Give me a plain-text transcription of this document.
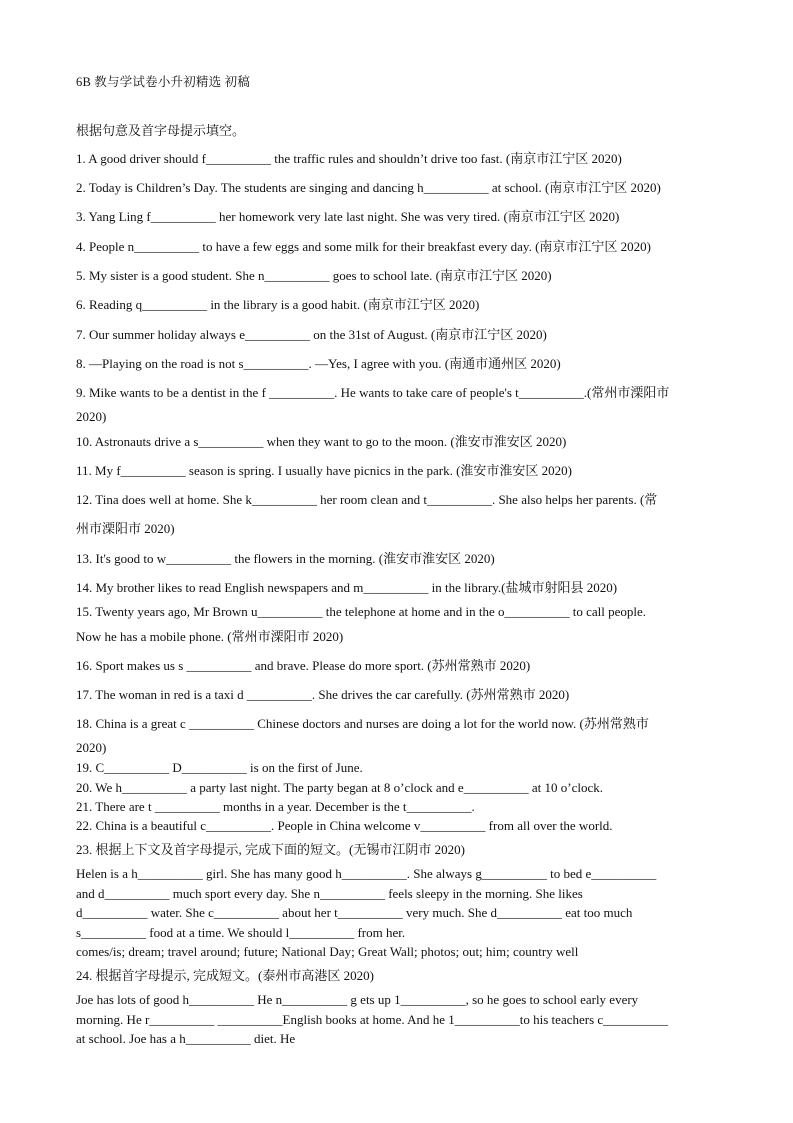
6B 教与学试卷小升初精选 初稿
根据句意及首字母提示填空。
1. A good driver should f__________ the traffic rules and shouldn’t drive too fast. (南京市江宁区 2020)
2. Today is Children’s Day. The students are singing and dancing h__________ at school. (南京市江宁区 2020)
3. Yang Ling f__________ her homework very late last night. She was very tired. (南京市江宁区 2020)
4. People n__________ to have a few eggs and some milk for their breakfast every day. (南京市江宁区 2020)
5. My sister is a good student. She n__________ goes to school late. (南京市江宁区 2020)
6. Reading q__________ in the library is a good habit. (南京市江宁区 2020)
7. Our summer holiday always e__________ on the 31st of August. (南京市江宁区 2020)
8. —Playing on the road is not s__________. —Yes, I agree with you. (南通市通州区 2020)
9. Mike wants to be a dentist in the f __________. He wants to take care of people's t__________.(常州市溧阳市
2020)
10. Astronauts drive a s__________ when they want to go to the moon. (淮安市淮安区 2020)
11. My f__________ season is spring. I usually have picnics in the park. (淮安市淮安区 2020)
12. Tina does well at home. She k__________ her room clean and t__________. She also helps her parents. (常
州市溧阳市 2020)
13. It's good to w__________ the flowers in the morning. (淮安市淮安区 2020)
14. My brother likes to read English newspapers and m__________ in the library.(盐城市射阳县 2020)
15. Twenty years ago, Mr Brown u__________ the telephone at home and in the o__________ to call people.
Now he has a mobile phone. (常州市溧阳市 2020)
16. Sport makes us s __________ and brave. Please do more sport. (苏州常熟市 2020)
17. The woman in red is a taxi d __________. She drives the car carefully. (苏州常熟市 2020)
18. China is a great c __________ Chinese doctors and nurses are doing a lot for the world now. (苏州常熟市
2020)
19. C__________ D__________ is on the first of June.
20. We h__________ a party last night. The party began at 8 o’clock and e__________ at 10 o’clock.
21. There are t __________ months in a year. December is the t__________.
22. China is a beautiful c__________. People in China welcome v__________ from all over the world.
23. 根据上下文及首字母提示, 完成下面的短文。(无锡市江阴市 2020)
Helen is a h__________ girl. She has many good h__________. She always g__________ to bed e__________
and d__________ much sport every day. She n__________ feels sleepy in the morning. She likes
d__________ water. She c__________ about her t__________ very much. She d__________ eat too much
s__________ food at a time. We should l__________ from her.
comes/is; dream; travel around; future; National Day; Great Wall; photos; out; him; country well
24. 根据首字母提示, 完成短文。(泰州市高港区 2020)
Joe has lots of good h__________ He n__________ g ets up 1__________, so he goes to school early every
morning. He r__________ __________English books at home. And he 1__________to his teachers c__________
at school. Joe has a h__________ diet. He
